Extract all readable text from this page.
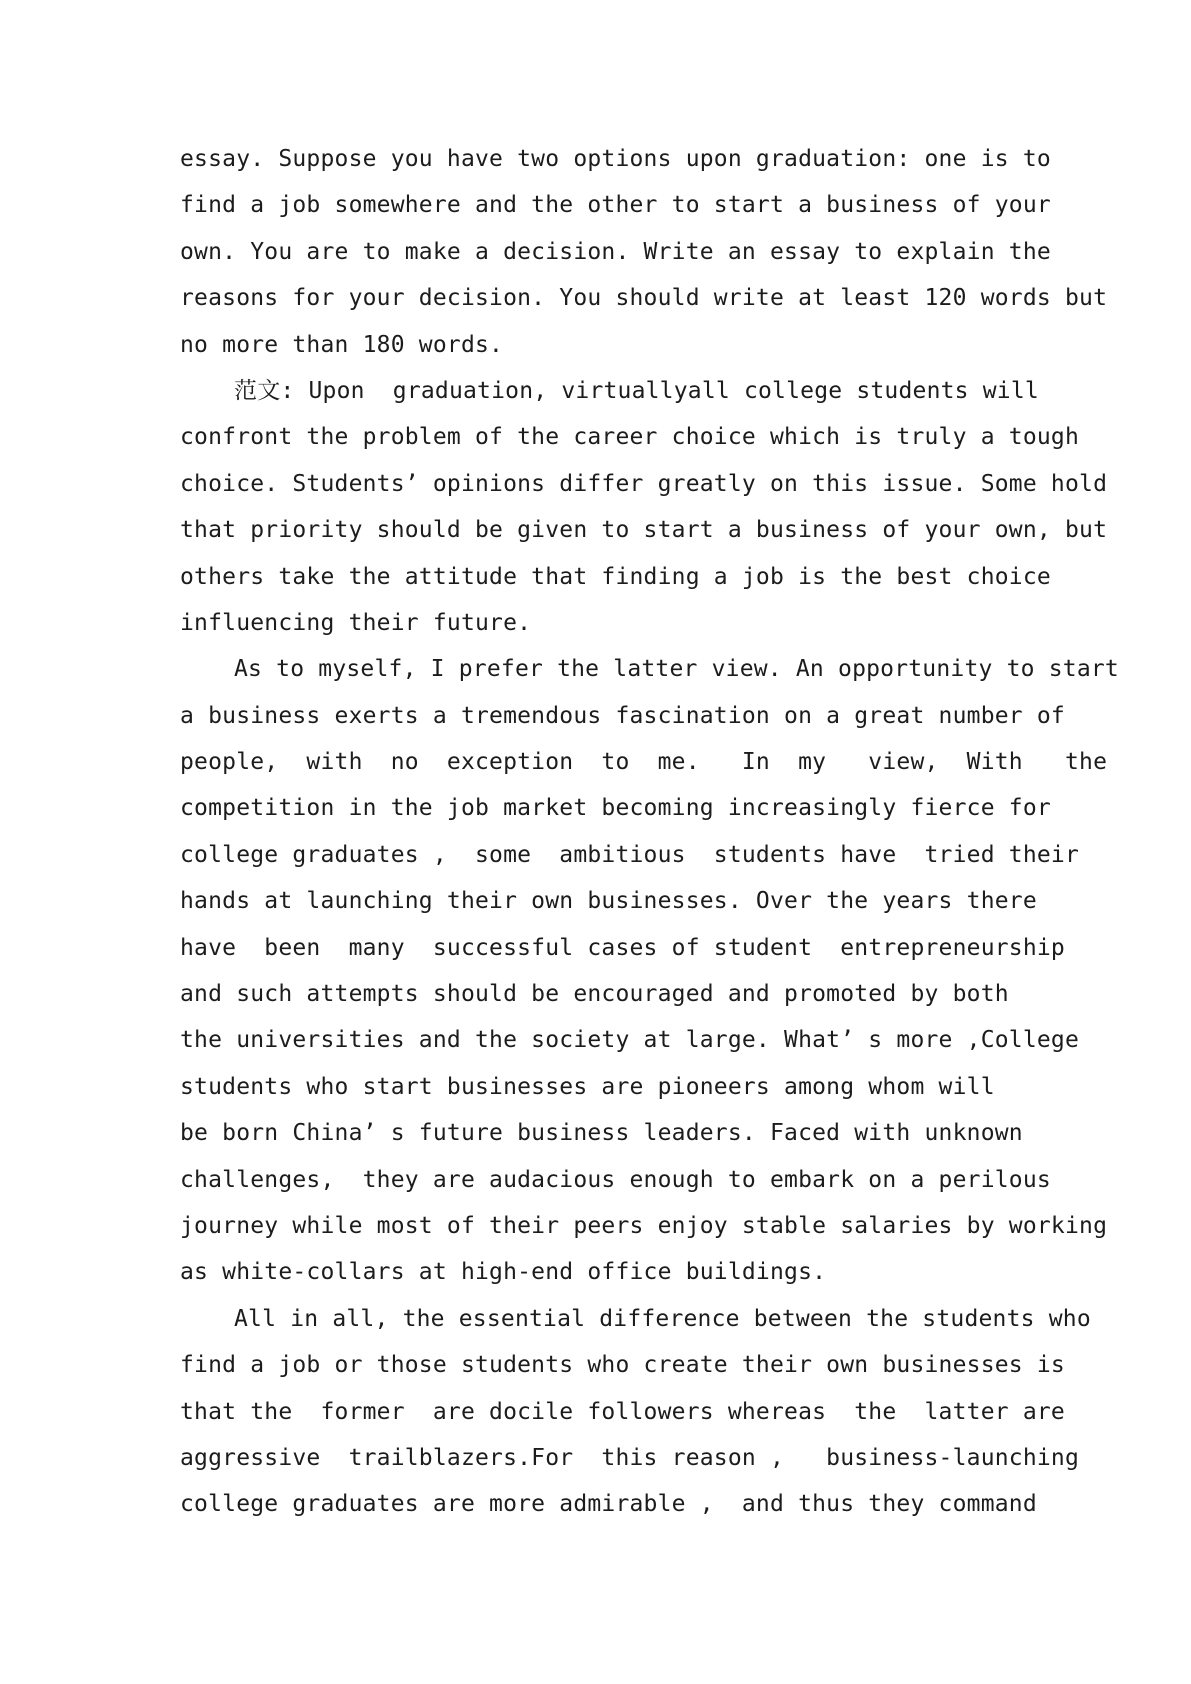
essay. Suppose you have two options upon graduation: one is to
find a job somewhere and the other to start a business of your
own. You are to make a decision. Write an essay to explain the
reasons for your decision. You should write at least 120 words but
no more than 180 words.
范文: Upon  graduation, virtuallyall college students will
confront the problem of the career choice which is truly a tough
choice. Students’ opinions differ greatly on this issue. Some hold
that priority should be given to start a business of your own, but
others take the attitude that finding a job is the best choice
influencing their future.
As to myself, I prefer the latter view. An opportunity to start
a business exerts a tremendous fascination on a great number of
people,  with  no  exception  to  me.   In  my   view,  With   the
competition in the job market becoming increasingly fierce for
college graduates ,  some  ambitious  students have  tried their
hands at launching their own businesses. Over the years there
have  been  many  successful cases of student  entrepreneurship
and such attempts should be encouraged and promoted by both
the universities and the society at large. What’ s more ,College
students who start businesses are pioneers among whom will
be born China’ s future business leaders. Faced with unknown
challenges,  they are audacious enough to embark on a perilous
journey while most of their peers enjoy stable salaries by working
as white-collars at high-end office buildings.
All in all, the essential difference between the students who
find a job or those students who create their own businesses is
that the  former  are docile followers whereas  the  latter are
aggressive  trailblazers.For  this reason ,   business-launching
college graduates are more admirable ,  and thus they command
